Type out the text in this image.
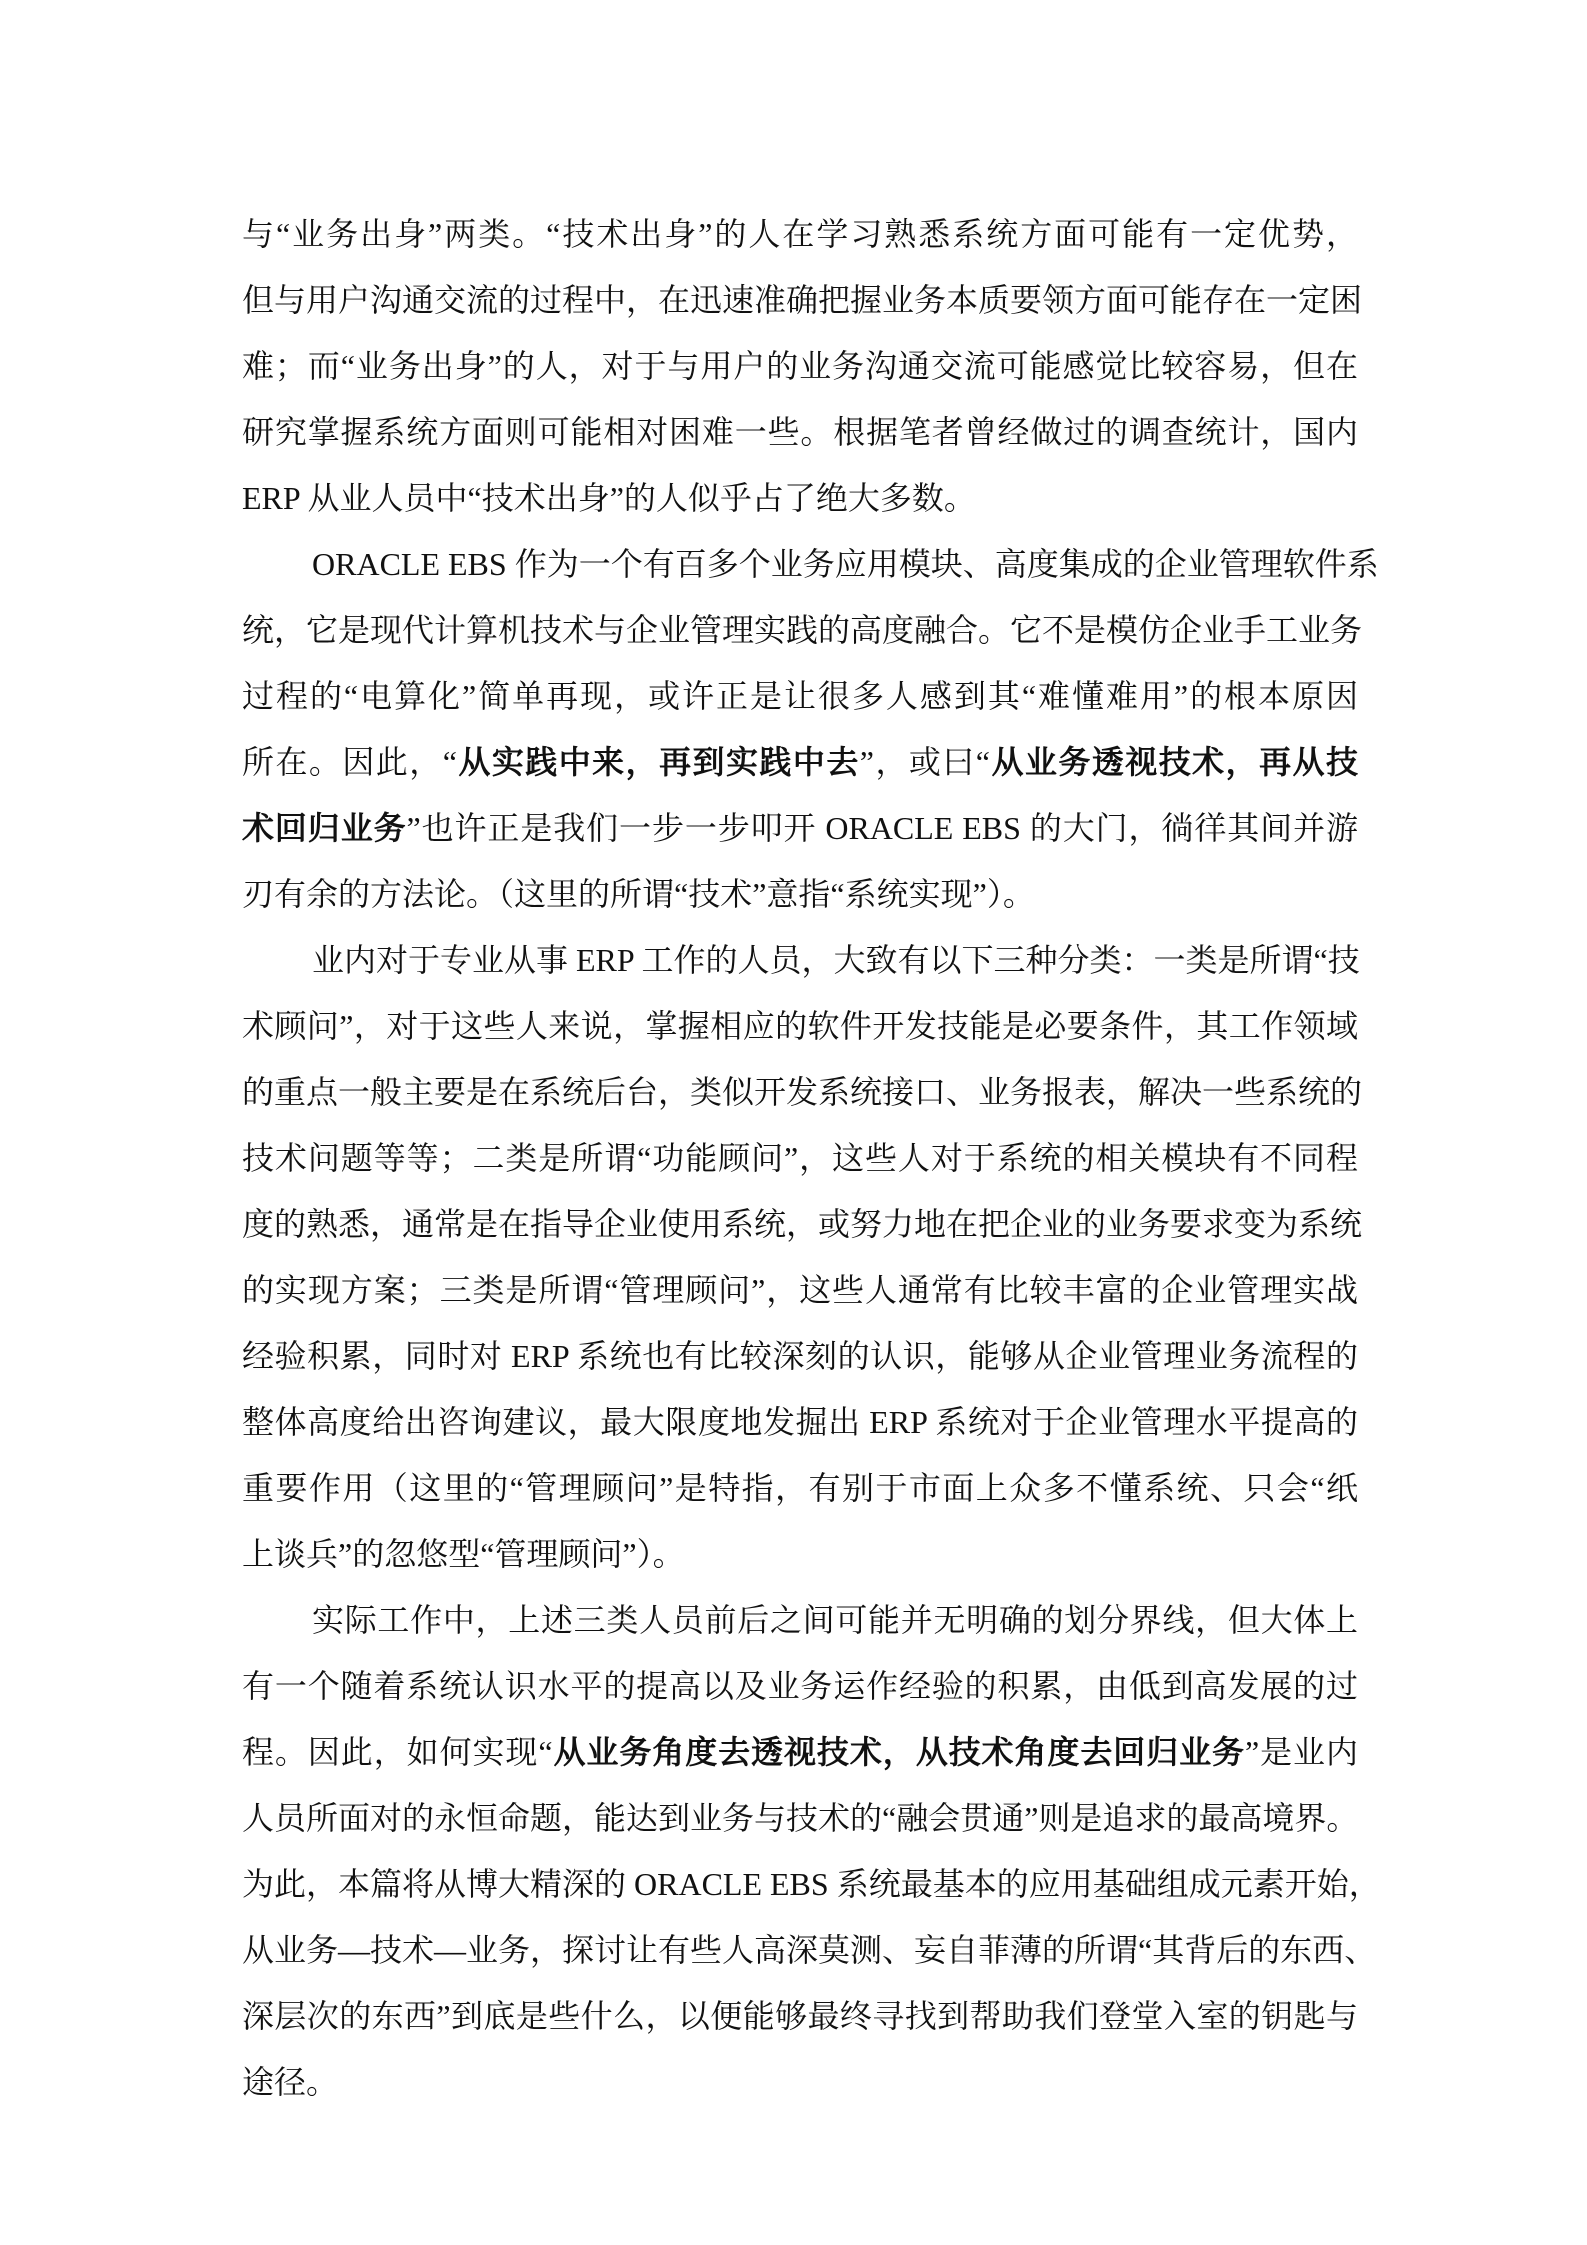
与“业务出身”两类。“技术出身”的人在学习熟悉系统方面可能有一定优势，
但与用户沟通交流的过程中，在迅速准确把握业务本质要领方面可能存在一定困
难；而“业务出身”的人，对于与用户的业务沟通交流可能感觉比较容易，但在
研究掌握系统方面则可能相对困难一些。根据笔者曾经做过的调查统计，国内
ERP 从业人员中“技术出身”的人似乎占了绝大多数。
ORACLE EBS 作为一个有百多个业务应用模块、高度集成的企业管理软件系
统，它是现代计算机技术与企业管理实践的高度融合。它不是模仿企业手工业务
过程的“电算化”简单再现，或许正是让很多人感到其“难懂难用”的根本原因
所在。因此，“从实践中来，再到实践中去”，或曰“从业务透视技术，再从技
术回归业务”也许正是我们一步一步叩开 ORACLE EBS 的大门，徜徉其间并游
刃有余的方法论。（这里的所谓“技术”意指“系统实现”）。
业内对于专业从事 ERP 工作的人员，大致有以下三种分类：一类是所谓“技
术顾问”，对于这些人来说，掌握相应的软件开发技能是必要条件，其工作领域
的重点一般主要是在系统后台，类似开发系统接口、业务报表，解决一些系统的
技术问题等等；二类是所谓“功能顾问”，这些人对于系统的相关模块有不同程
度的熟悉，通常是在指导企业使用系统，或努力地在把企业的业务要求变为系统
的实现方案；三类是所谓“管理顾问”，这些人通常有比较丰富的企业管理实战
经验积累，同时对 ERP 系统也有比较深刻的认识，能够从企业管理业务流程的
整体高度给出咨询建议，最大限度地发掘出 ERP 系统对于企业管理水平提高的
重要作用（这里的“管理顾问”是特指，有别于市面上众多不懂系统、只会“纸
上谈兵”的忽悠型“管理顾问”）。
实际工作中，上述三类人员前后之间可能并无明确的划分界线，但大体上
有一个随着系统认识水平的提高以及业务运作经验的积累，由低到高发展的过
程。因此，如何实现“从业务角度去透视技术，从技术角度去回归业务”是业内
人员所面对的永恒命题，能达到业务与技术的“融会贯通”则是追求的最高境界。
为此，本篇将从博大精深的 ORACLE EBS 系统最基本的应用基础组成元素开始，
从业务—技术—业务，探讨让有些人高深莫测、妄自菲薄的所谓“其背后的东西、
深层次的东西”到底是些什么，以便能够最终寻找到帮助我们登堂入室的钥匙与
途径。
